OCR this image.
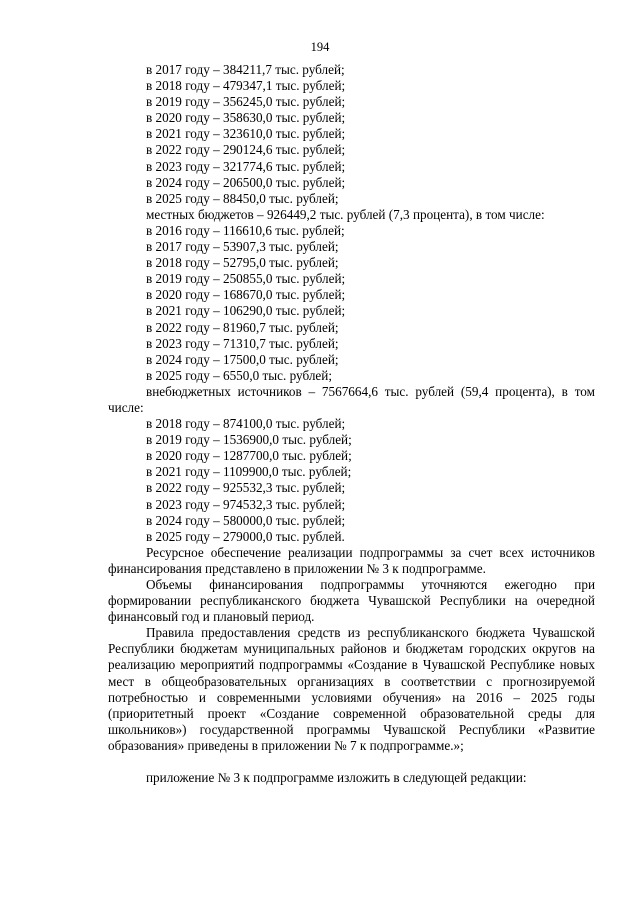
194
в 2017 году – 384211,7 тыс. рублей;
в 2018 году – 479347,1 тыс. рублей;
в 2019 году – 356245,0 тыс. рублей;
в 2020 году – 358630,0 тыс. рублей;
в 2021 году – 323610,0 тыс. рублей;
в 2022 году – 290124,6 тыс. рублей;
в 2023 году – 321774,6 тыс. рублей;
в 2024 году – 206500,0 тыс. рублей;
в 2025 году – 88450,0 тыс. рублей;
местных бюджетов – 926449,2 тыс. рублей (7,3 процента), в том числе:
в 2016 году – 116610,6 тыс. рублей;
в 2017 году – 53907,3 тыс. рублей;
в 2018 году – 52795,0 тыс. рублей;
в 2019 году – 250855,0 тыс. рублей;
в 2020 году – 168670,0 тыс. рублей;
в 2021 году – 106290,0 тыс. рублей;
в 2022 году – 81960,7 тыс. рублей;
в 2023 году – 71310,7 тыс. рублей;
в 2024 году – 17500,0 тыс. рублей;
в 2025 году – 6550,0 тыс. рублей;
внебюджетных источников – 7567664,6 тыс. рублей (59,4 процента), в том числе:
в 2018 году – 874100,0 тыс. рублей;
в 2019 году – 1536900,0 тыс. рублей;
в 2020 году – 1287700,0 тыс. рублей;
в 2021 году – 1109900,0 тыс. рублей;
в 2022 году – 925532,3 тыс. рублей;
в 2023 году – 974532,3 тыс. рублей;
в 2024 году – 580000,0 тыс. рублей;
в 2025 году – 279000,0 тыс. рублей.
Ресурсное обеспечение реализации подпрограммы за счет всех источников финансирования представлено в приложении № 3 к подпрограмме.
Объемы финансирования подпрограммы уточняются ежегодно при формировании республиканского бюджета Чувашской Республики на очередной финансовый год и плановый период.
Правила предоставления средств из республиканского бюджета Чувашской Республики бюджетам муниципальных районов и бюджетам городских округов на реализацию мероприятий подпрограммы «Создание в Чувашской Республике новых мест в общеобразовательных организациях в соответствии с прогнозируемой потребностью и современными условиями обучения» на 2016 – 2025 годы (приоритетный проект «Создание современной образовательной среды для школьников») государственной программы Чувашской Республики «Развитие образования» приведены в приложении № 7 к подпрограмме.»;
приложение № 3 к подпрограмме изложить в следующей редакции:
